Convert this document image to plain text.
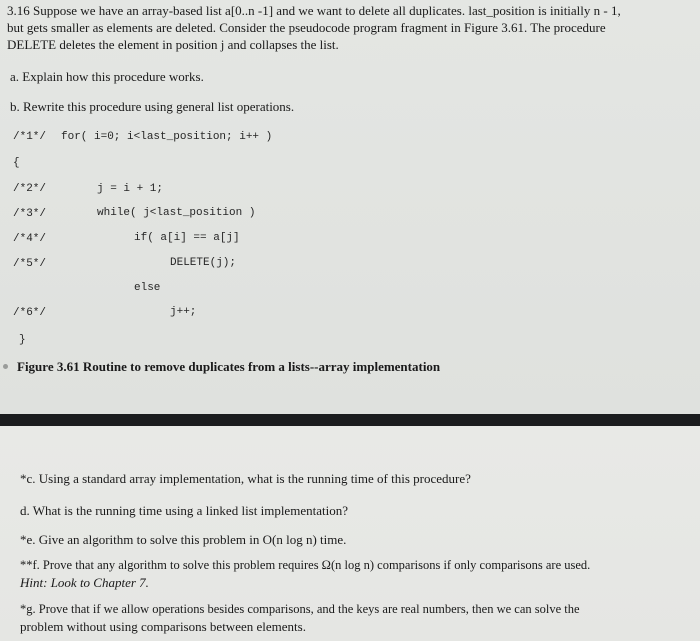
3.16 Suppose we have an array-based list a[0..n -1] and we want to delete all duplicates. last_position is initially n - 1,
but gets smaller as elements are deleted. Consider the pseudocode program fragment in Figure 3.61. The procedure
DELETE deletes the element in position j and collapses the list.
a. Explain how this procedure works.
b. Rewrite this procedure using general list operations.
/*1*/ for( i=0; i<last_position; i++ )
{
/*2*/	j = i + 1;
/*3*/	while( j<last_position )
/*4*/	if( a[i] == a[j]
/*5*/	DELETE(j);
else
/*6*/	j++;
}
Figure 3.61 Routine to remove duplicates from a lists--array implementation
*c. Using a standard array implementation, what is the running time of this procedure?
d. What is the running time using a linked list implementation?
*e. Give an algorithm to solve this problem in O(n log n) time.
**f. Prove that any algorithm to solve this problem requires Ω(n log n) comparisons if only comparisons are used.
Hint: Look to Chapter 7.
*g. Prove that if we allow operations besides comparisons, and the keys are real numbers, then we can solve the
problem without using comparisons between elements.
